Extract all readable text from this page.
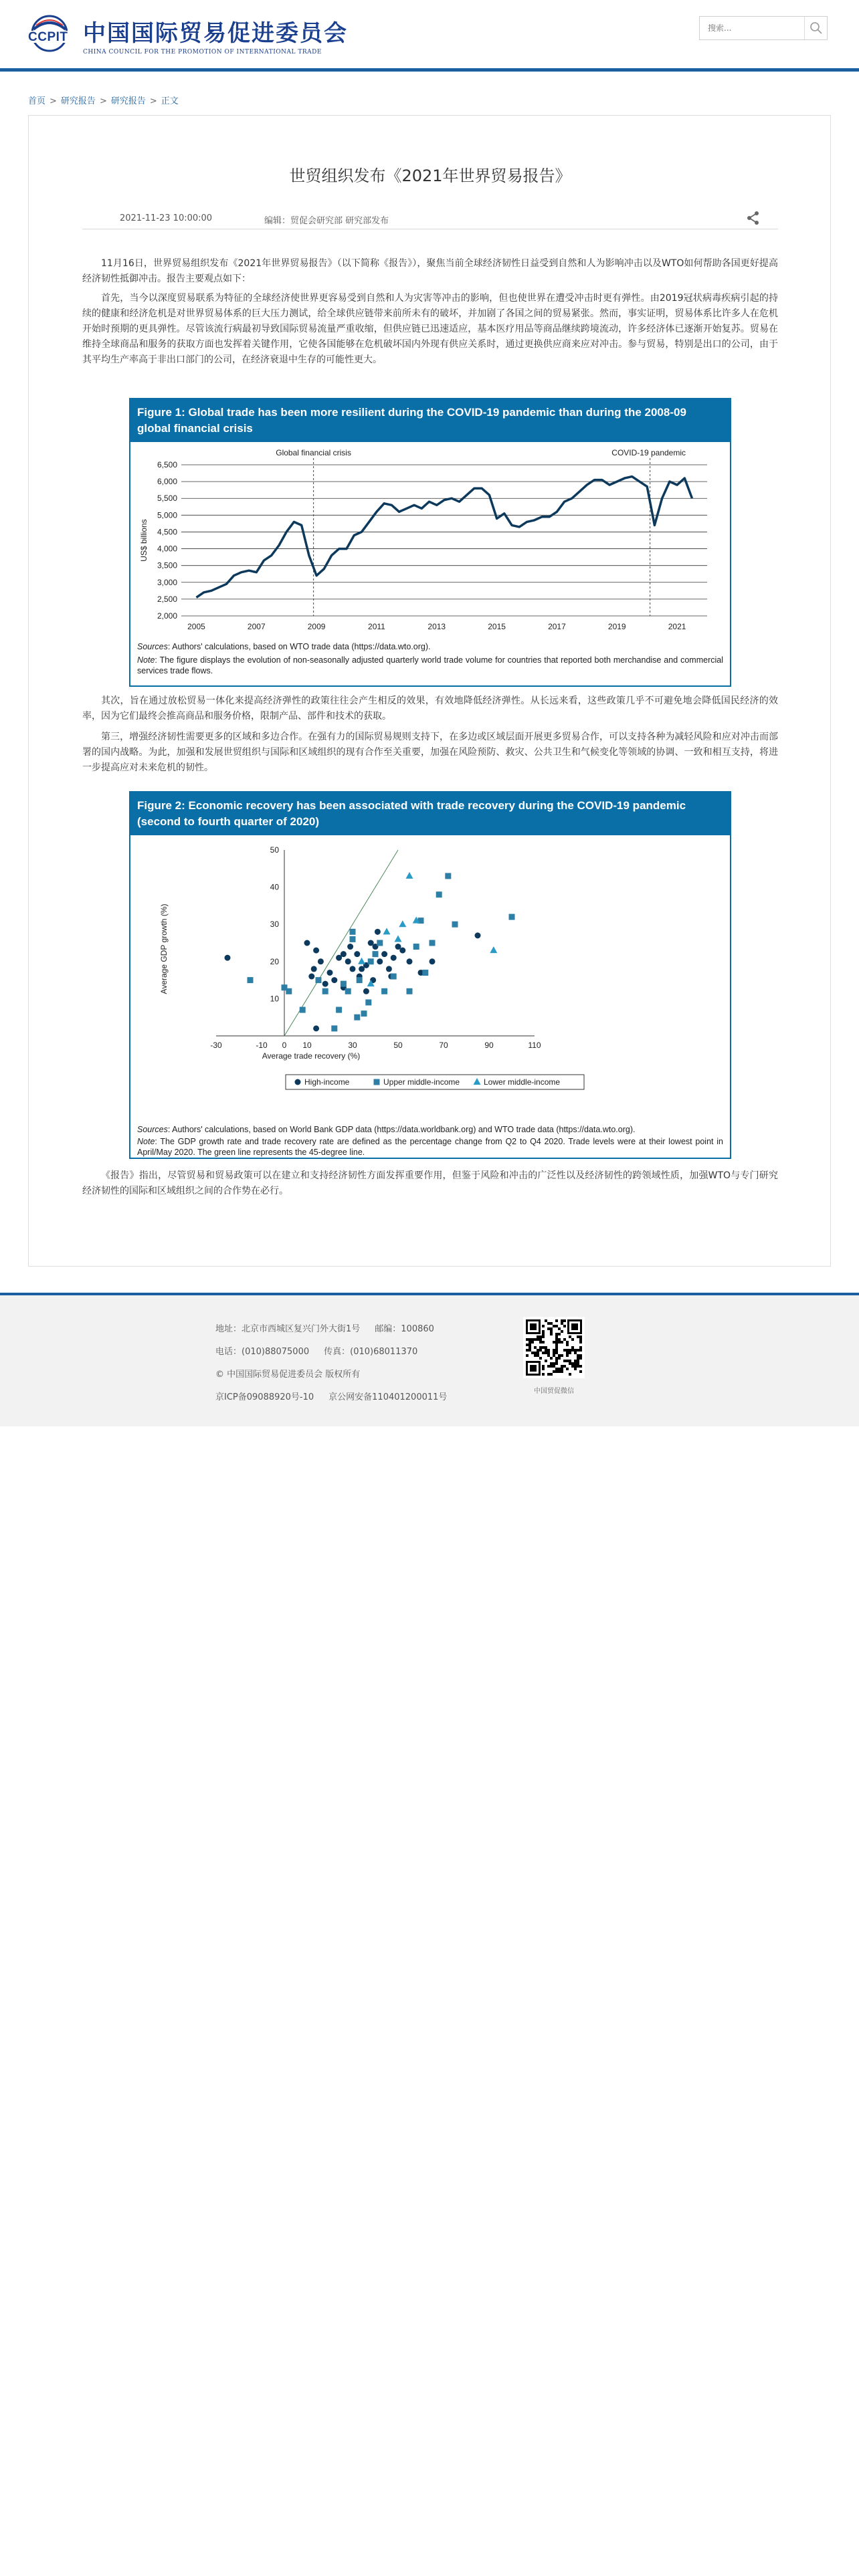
CCPIT 中国国际贸易促进委员会
CHINA COUNCIL FOR THE PROMOTION OF INTERNATIONAL TRADE
搜索...
首页 > 研究报告 > 研究报告 > 正文
世贸组织发布《2021年世界贸易报告》
2021-11-23 10:00:00	编辑：贸促会研究部 研究部发布
11月16日，世界贸易组织发布《2021年世界贸易报告》（以下简称《报告》），聚焦当前全球经济韧性日益受到自然和人为影响冲击以及WTO如何帮助各国更好提高经济韧性抵御冲击。报告主要观点如下：
首先，当今以深度贸易联系为特征的全球经济使世界更容易受到自然和人为灾害等冲击的影响，但也使世界在遭受冲击时更有弹性。由2019冠状病毒疾病引起的持续的健康和经济危机是对世界贸易体系的巨大压力测试，给全球供应链带来前所未有的破坏，并加剧了各国之间的贸易紧张。然而，事实证明，贸易体系比许多人在危机开始时预期的更具弹性。尽管该流行病最初导致国际贸易流量严重收缩，但供应链已迅速适应，基本医疗用品等商品继续跨境流动，许多经济体已逐渐开始复苏。贸易在维持全球商品和服务的获取方面也发挥着关键作用，它使各国能够在危机破坏国内外现有供应关系时，通过更换供应商来应对冲击。参与贸易，特别是出口的公司，由于其平均生产率高于非出口部门的公司，在经济衰退中生存的可能性更大。
Figure 1: Global trade has been more resilient during the COVID-19 pandemic than during the 2008-09 global financial crisis
2,000
2,500
3,000
3,500
4,000
4,500
5,000
5,500
6,000
6,500
2005	2007	2009	2011	2013	2015	2017	2019	2021
US$ billions
Global financial crisis	COVID-19 pandemic
Sources: Authors' calculations, based on WTO trade data (https://data.wto.org).
Note: The figure displays the evolution of non-seasonally adjusted quarterly world trade volume for countries that reported both merchandise and commercial services trade flows.
其次，旨在通过放松贸易一体化来提高经济弹性的政策往往会产生相反的效果，有效地降低经济弹性。从长远来看，这些政策几乎不可避免地会降低国民经济的效率，因为它们最终会推高商品和服务价格，限制产品、部件和技术的获取。
第三，增强经济韧性需要更多的区域和多边合作。在强有力的国际贸易规则支持下，在多边或区域层面开展更多贸易合作，可以支持各种为减轻风险和应对冲击而部署的国内战略。为此，加强和发展世贸组织与国际和区域组织的现有合作至关重要，加强在风险预防、救灾、公共卫生和气候变化等领域的协调、一致和相互支持，将进一步提高应对未来危机的韧性。
Figure 2: Economic recovery has been associated with trade recovery during the COVID-19 pandemic (second to fourth quarter of 2020)
10
20
30
40
50
-30	-10 0 10	30	50	70	90	110
Average trade recovery (%)
Average GDP growth (%)
High-income	Upper middle-income	Lower middle-income
Sources: Authors' calculations, based on World Bank GDP data (https://data.worldbank.org) and WTO trade data (https://data.wto.org).
Note: The GDP growth rate and trade recovery rate are defined as the percentage change from Q2 to Q4 2020. Trade levels were at their lowest point in April/May 2020. The green line represents the 45-degree line.
《报告》指出，尽管贸易和贸易政策可以在建立和支持经济韧性方面发挥重要作用，但鉴于风险和冲击的广泛性以及经济韧性的跨领域性质，加强WTO与专门研究经济韧性的国际和区域组织之间的合作势在必行。
地址：北京市西城区复兴门外大街1号 邮编：100860
电话：(010)88075000 传真：(010)68011370
© 中国国际贸易促进委员会 版权所有
京ICP备09088920号-10 京公网安备110401200011号
中国贸促微信
